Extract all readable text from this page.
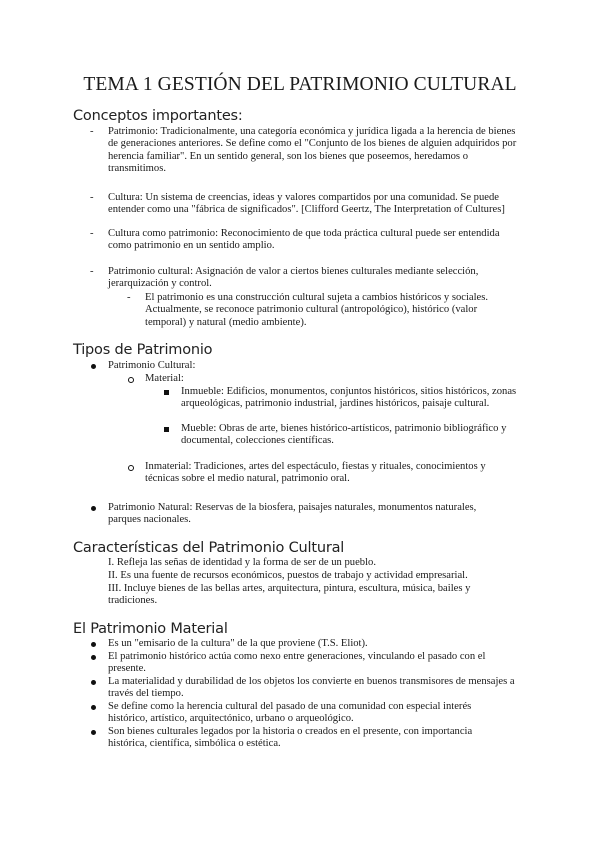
TEMA 1 GESTIÓN DEL PATRIMONIO CULTURAL
Conceptos importantes:
- Patrimonio: Tradicionalmente, una categoría económica y jurídica ligada a la herencia de bienes de generaciones anteriores. Se define como el "Conjunto de los bienes de alguien adquiridos por herencia familiar". En un sentido general, son los bienes que poseemos, heredamos o transmitimos.

- Cultura: Un sistema de creencias, ideas y valores compartidos por una comunidad. Se puede entender como una "fábrica de significados". [Clifford Geertz, The Interpretation of Cultures]

- Cultura como patrimonio: Reconocimiento de que toda práctica cultural puede ser entendida como patrimonio en un sentido amplio.

- Patrimonio cultural: Asignación de valor a ciertos bienes culturales mediante selección, jerarquización y control.

- El patrimonio es una construcción cultural sujeta a cambios históricos y sociales. Actualmente, se reconoce patrimonio cultural (antropológico), histórico (valor temporal) y natural (medio ambiente).

Tipos de Patrimonio

Patrimonio Cultural:

Material:

Inmueble: Edificios, monumentos, conjuntos históricos, sitios históricos, zonas arqueológicas, patrimonio industrial, jardines históricos, paisaje cultural.

Mueble: Obras de arte, bienes histórico-artísticos, patrimonio bibliográfico y documental, colecciones científicas.

Inmaterial: Tradiciones, artes del espectáculo, fiestas y rituales, conocimientos y técnicas sobre el medio natural, patrimonio oral.

Patrimonio Natural: Reservas de la biosfera, paisajes naturales, monumentos naturales, parques nacionales.

Características del Patrimonio Cultural

I. Refleja las señas de identidad y la forma de ser de un pueblo.

II. Es una fuente de recursos económicos, puestos de trabajo y actividad empresarial.

III. Incluye bienes de las bellas artes, arquitectura, pintura, escultura, música, bailes y tradiciones.

El Patrimonio Material

Es un "emisario de la cultura" de la que proviene (T.S. Eliot).

El patrimonio histórico actúa como nexo entre generaciones, vinculando el pasado con el presente.

La materialidad y durabilidad de los objetos los convierte en buenos transmisores de mensajes a través del tiempo.

Se define como la herencia cultural del pasado de una comunidad con especial interés histórico, artístico, arquitectónico, urbano o arqueológico.

Son bienes culturales legados por la historia o creados en el presente, con importancia histórica, científica, simbólica o estética.
